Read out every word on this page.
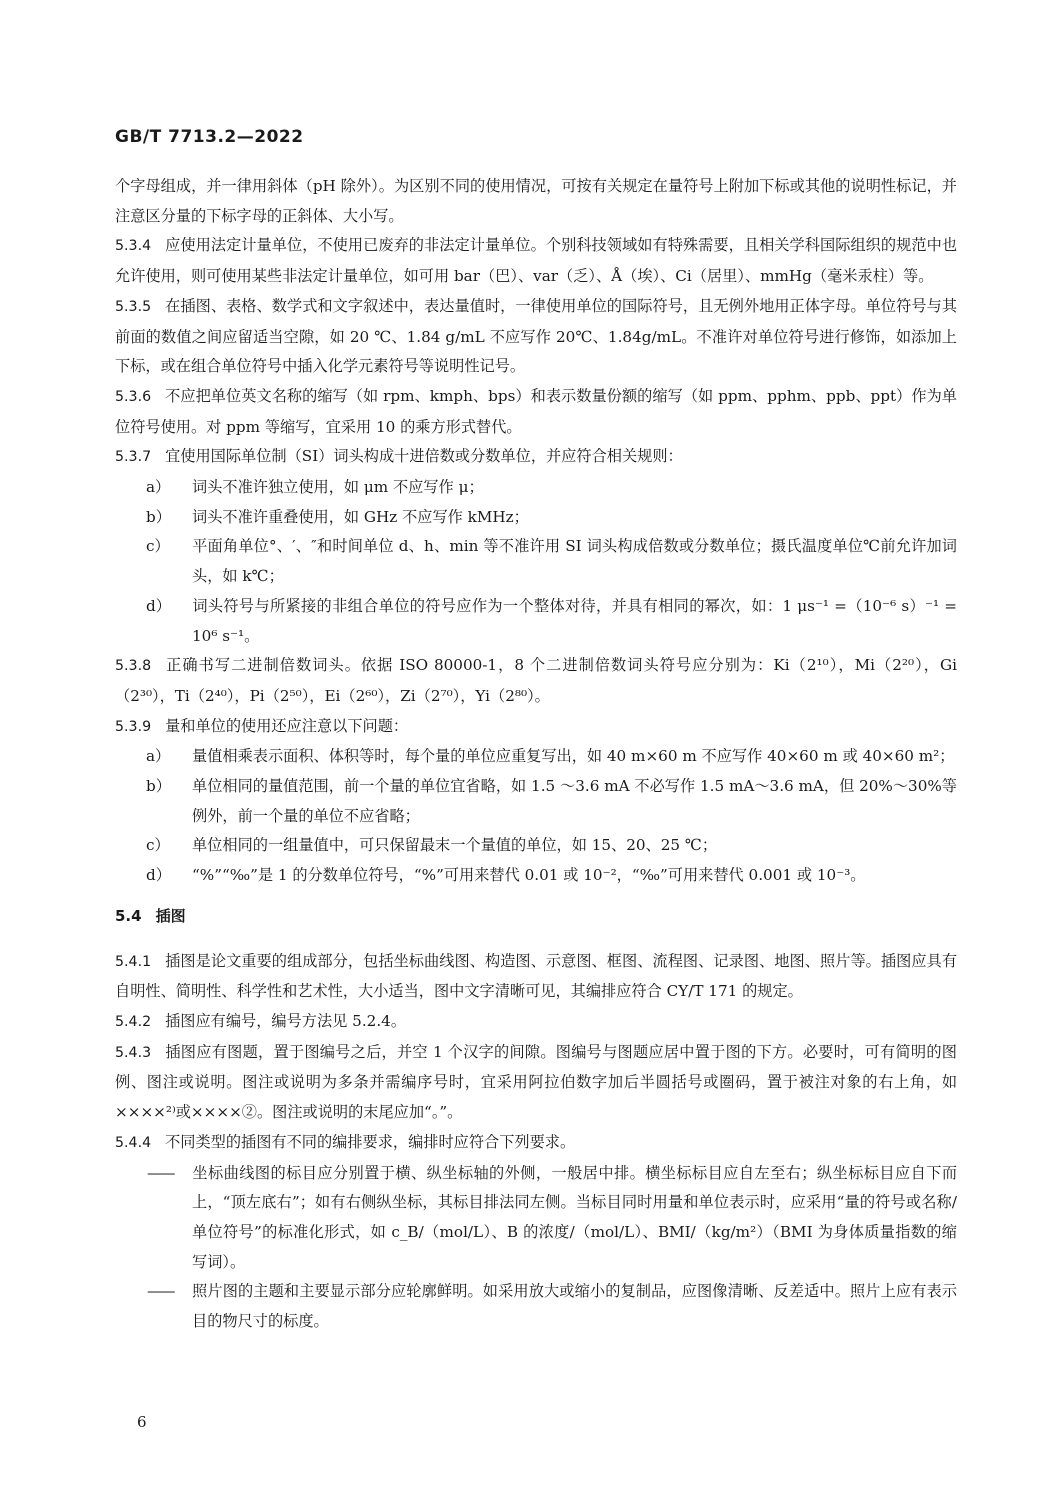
GB/T 7713.2—2022

个字母组成，并一律用斜体（pH 除外）。为区别不同的使用情况，可按有关规定在量符号上附加下标或其他的说明性标记，并注意区分量的下标字母的正斜体、大小写。

5.3.4 应使用法定计量单位，不使用已废弃的非法定计量单位。个别科技领域如有特殊需要，且相关学科国际组织的规范中也允许使用，则可使用某些非法定计量单位，如可用 bar（巴）、var（乏）、Å（埃）、Ci（居里）、mmHg（毫米汞柱）等。

5.3.5 在插图、表格、数学式和文字叙述中，表达量值时，一律使用单位的国际符号，且无例外地用正体字母。单位符号与其前面的数值之间应留适当空隙，如 20 ℃、1.84 g/mL 不应写作 20℃、1.84g/mL。不准许对单位符号进行修饰，如添加上下标，或在组合单位符号中插入化学元素符号等说明性记号。

5.3.6 不应把单位英文名称的缩写（如 rpm、kmph、bps）和表示数量份额的缩写（如 ppm、pphm、ppb、ppt）作为单位符号使用。对 ppm 等缩写，宜采用 10 的乘方形式替代。

5.3.7 宜使用国际单位制（SI）词头构成十进倍数或分数单位，并应符合相关规则：

a） 词头不准许独立使用，如 μm 不应写作 μ；

b） 词头不准许重叠使用，如 GHz 不应写作 kMHz；

c） 平面角单位°、′、″和时间单位 d、h、min 等不准许用 SI 词头构成倍数或分数单位；摄氏温度单位℃前允许加词头，如 k℃；

d） 词头符号与所紧接的非组合单位的符号应作为一个整体对待，并具有相同的幂次，如：1 μs⁻¹ =（10⁻⁶ s）⁻¹ = 10⁶ s⁻¹。

5.3.8 正确书写二进制倍数词头。依据 ISO 80000-1，8 个二进制倍数词头符号应分别为：Ki（2¹⁰），Mi（2²⁰），Gi（2³⁰），Ti（2⁴⁰），Pi（2⁵⁰），Ei（2⁶⁰），Zi（2⁷⁰），Yi（2⁸⁰）。

5.3.9 量和单位的使用还应注意以下问题：

a） 量值相乘表示面积、体积等时，每个量的单位应重复写出，如 40 m×60 m 不应写作 40×60 m 或 40×60 m²；

b） 单位相同的量值范围，前一个量的单位宜省略，如 1.5 ～3.6 mA 不必写作 1.5 mA～3.6 mA，但 20%～30%等例外，前一个量的单位不应省略；

c） 单位相同的一组量值中，可只保留最末一个量值的单位，如 15、20、25 ℃；

d） “%”“‰”是 1 的分数单位符号，“%”可用来替代 0.01 或 10⁻²，“‰”可用来替代 0.001 或 10⁻³。

5.4 插图

5.4.1 插图是论文重要的组成部分，包括坐标曲线图、构造图、示意图、框图、流程图、记录图、地图、照片等。插图应具有自明性、简明性、科学性和艺术性，大小适当，图中文字清晰可见，其编排应符合 CY/T 171 的规定。

5.4.2 插图应有编号，编号方法见 5.2.4。

5.4.3 插图应有图题，置于图编号之后，并空 1 个汉字的间隙。图编号与图题应居中置于图的下方。必要时，可有简明的图例、图注或说明。图注或说明为多条并需编序号时，宜采用阿拉伯数字加后半圆括号或圈码，置于被注对象的右上角，如××××²⁾或××××②。图注或说明的末尾应加“。”。

5.4.4 不同类型的插图有不同的编排要求，编排时应符合下列要求。

—— 坐标曲线图的标目应分别置于横、纵坐标轴的外侧，一般居中排。横坐标标目应自左至右；纵坐标标目应自下而上，“顶左底右”；如有右侧纵坐标，其标目排法同左侧。当标目同时用量和单位表示时，应采用“量的符号或名称/单位符号”的标准化形式，如 c_B/（mol/L）、B 的浓度/（mol/L）、BMI/（kg/m²）（BMI 为身体质量指数的缩写词）。

—— 照片图的主题和主要显示部分应轮廓鲜明。如采用放大或缩小的复制品，应图像清晰、反差适中。照片上应有表示目的物尺寸的标度。

6
